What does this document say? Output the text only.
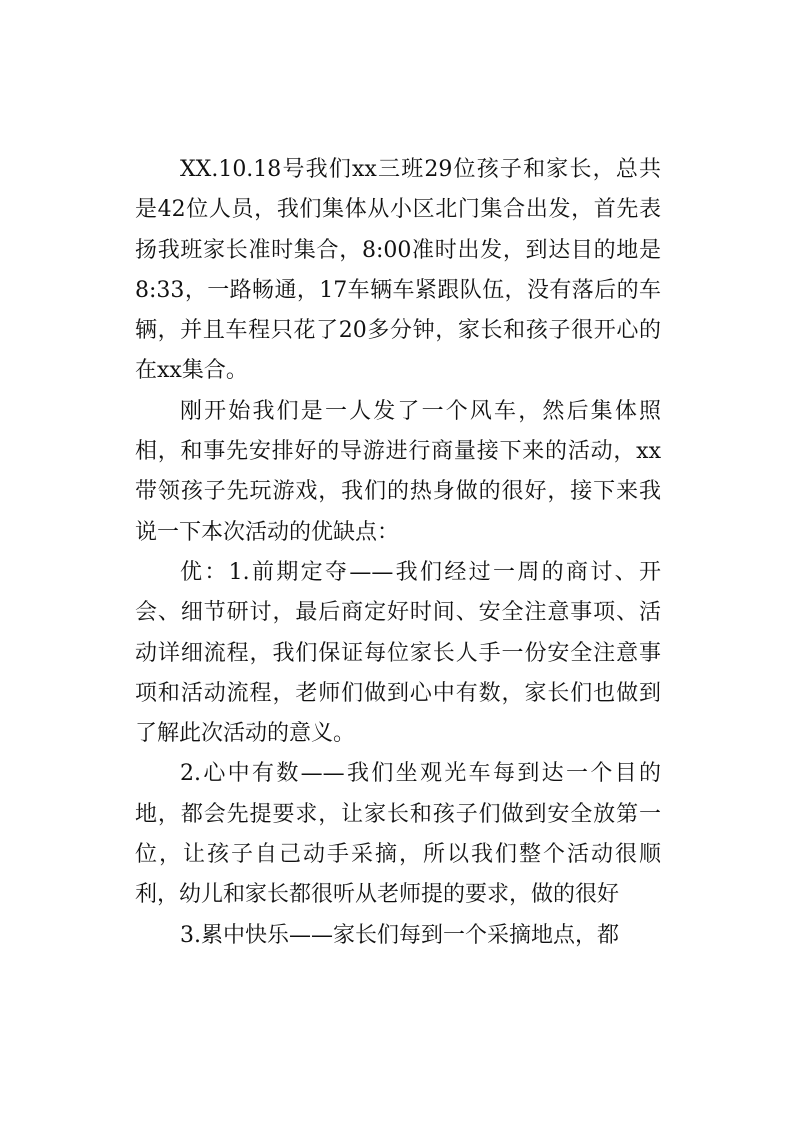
XX.10.18号我们xx三班29位孩子和家长，总共是42位人员，我们集体从小区北门集合出发，首先表扬我班家长准时集合，8:00准时出发，到达目的地是8:33，一路畅通，17车辆车紧跟队伍，没有落后的车辆，并且车程只花了20多分钟，家长和孩子很开心的在xx集合。

刚开始我们是一人发了一个风车，然后集体照相，和事先安排好的导游进行商量接下来的活动，xx带领孩子先玩游戏，我们的热身做的很好，接下来我说一下本次活动的优缺点：

优：1.前期定夺——我们经过一周的商讨、开会、细节研讨，最后商定好时间、安全注意事项、活动详细流程，我们保证每位家长人手一份安全注意事项和活动流程，老师们做到心中有数，家长们也做到了解此次活动的意义。

2.心中有数——我们坐观光车每到达一个目的地，都会先提要求，让家长和孩子们做到安全放第一位，让孩子自己动手采摘，所以我们整个活动很顺利，幼儿和家长都很听从老师提的要求，做的很好

3.累中快乐——家长们每到一个采摘地点，都
